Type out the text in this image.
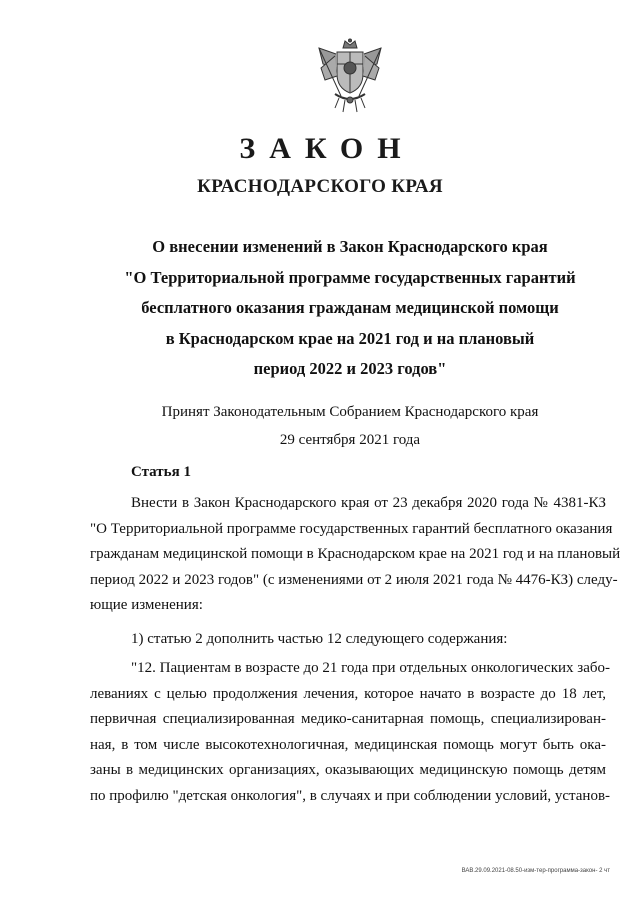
ЗАКОН
КРАСНОДАРСКОГО КРАЯ
О внесении изменений в Закон Краснодарского края
"О Территориальной программе государственных гарантий
бесплатного оказания гражданам медицинской помощи
в Краснодарском крае на 2021 год и на плановый
период 2022 и 2023 годов"
Принят Законодательным Собранием Краснодарского края
29 сентября 2021 года
Статья 1
Внести в Закон Краснодарского края от 23 декабря 2020 года № 4381-КЗ
"О Территориальной программе государственных гарантий бесплатного оказания
гражданам медицинской помощи в Краснодарском крае на 2021 год и на плановый
период 2022 и 2023 годов" (с изменениями от 2 июля 2021 года № 4476-КЗ) следу-
ющие изменения:
1) статью 2 дополнить частью 12 следующего содержания:
"12. Пациентам в возрасте до 21 года при отдельных онкологических забо-
леваниях с целью продолжения лечения, которое начато в возрасте до 18 лет,
первичная специализированная медико-санитарная помощь, специализирован-
ная, в том числе высокотехнологичная, медицинская помощь могут быть ока-
заны в медицинских организациях, оказывающих медицинскую помощь детям
по профилю "детская онкология", в случаях и при соблюдении условий, установ-
ВАВ.29.09.2021-08.50-изм-тер-программа-закон- 2 чт
